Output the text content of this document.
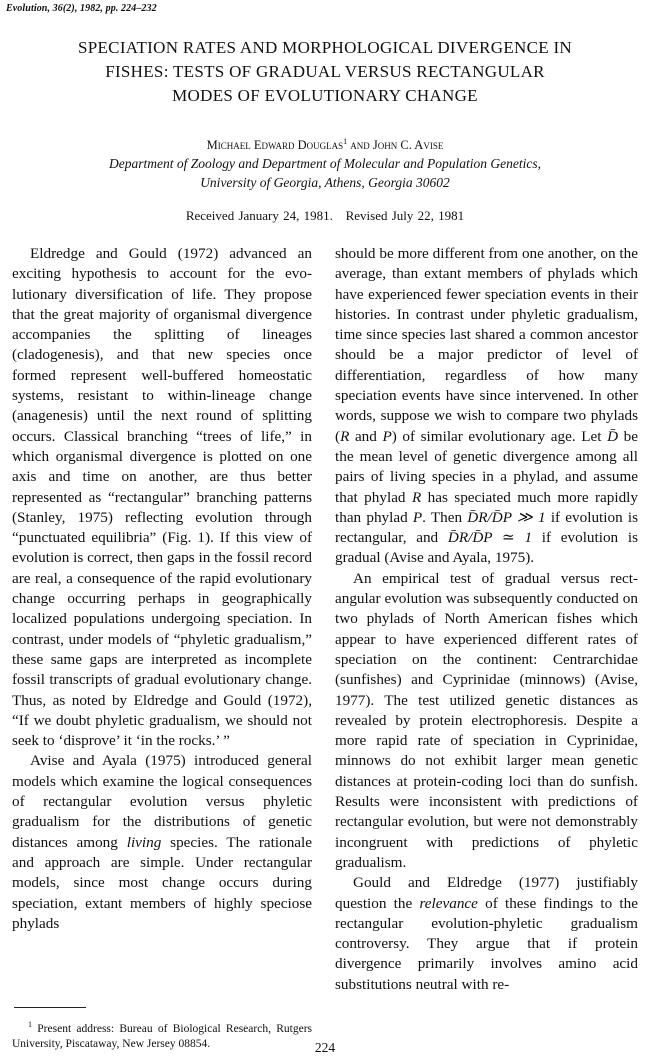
Evolution, 36(2), 1982, pp. 224–232
SPECIATION RATES AND MORPHOLOGICAL DIVERGENCE IN
FISHES: TESTS OF GRADUAL VERSUS RECTANGULAR
MODES OF EVOLUTIONARY CHANGE
Michael Edward Douglas$^1$ and John C. Avise
Department of Zoology and Department of Molecular and Population Genetics,
University of Georgia, Athens, Georgia 30602
Received January 24, 1981.   Revised July 22, 1981

Eldredge and Gould (1972) advanced an exciting hypothesis to account for the evolutionary diversification of life. They propose that the great majority of organismal divergence accompanies the splitting of lineages (cladogenesis), and that new species once formed represent well-buffered homeostatic systems, resistant to within-lineage change (anagenesis) until the next round of splitting occurs. Classical branching “trees of life,” in which organismal divergence is plotted on one axis and time on another, are thus better represented as “rectangular” branching patterns (Stanley, 1975) reflecting evolution through “punctuated equilibria” (Fig. 1). If this view of evolution is correct, then gaps in the fossil record are real, a consequence of the rapid evolutionary change occurring perhaps in geographically localized populations undergoing speciation. In contrast, under models of “phyletic gradualism,” these same gaps are interpreted as incomplete fossil transcripts of gradual evolutionary change. Thus, as noted by Eldredge and Gould (1972), “If we doubt phyletic gradualism, we should not seek to ‘disprove’ it ‘in the rocks.’ ”

Avise and Ayala (1975) introduced general models which examine the logical consequences of rectangular evolution versus phyletic gradualism for the distributions of genetic distances among living species. The rationale and approach are simple. Under rectangular models, since most change occurs during speciation, extant members of highly speciose phylads

should be more different from one another, on the average, than extant members of phylads which have experienced fewer speciation events in their histories. In contrast under phyletic gradualism, time since species last shared a common ancestor should be a major predictor of level of differentiation, regardless of how many speciation events have since intervened. In other words, suppose we wish to compare two phylads (R and P) of similar evolutionary age. Let D̄ be the mean level of genetic divergence among all pairs of living species in a phylad, and assume that phylad R has speciated much more rapidly than phylad P. Then D̄R/D̄P ≫ 1 if evolution is rectangular, and D̄R/D̄P ≃ 1 if evolution is gradual (Avise and Ayala, 1975).

An empirical test of gradual versus rectangular evolution was subsequently conducted on two phylads of North American fishes which appear to have experienced different rates of speciation on the continent: Centrarchidae (sunfishes) and Cyprinidae (minnows) (Avise, 1977). The test utilized genetic distances as revealed by protein electrophoresis. Despite a more rapid rate of speciation in Cyprinidae, minnows do not exhibit larger mean genetic distances at protein-coding loci than do sunfish. Results were inconsistent with predictions of rectangular evolution, but were not demonstrably incongruent with predictions of phyletic gradualism.

Gould and Eldredge (1977) justifiably question the relevance of these findings to the rectangular evolution-phyletic gradualism controversy. They argue that if protein divergence primarily involves amino acid substitutions neutral with re-

$^1$ Present address: Bureau of Biological Research, Rutgers University, Piscataway, New Jersey 08854.	224
